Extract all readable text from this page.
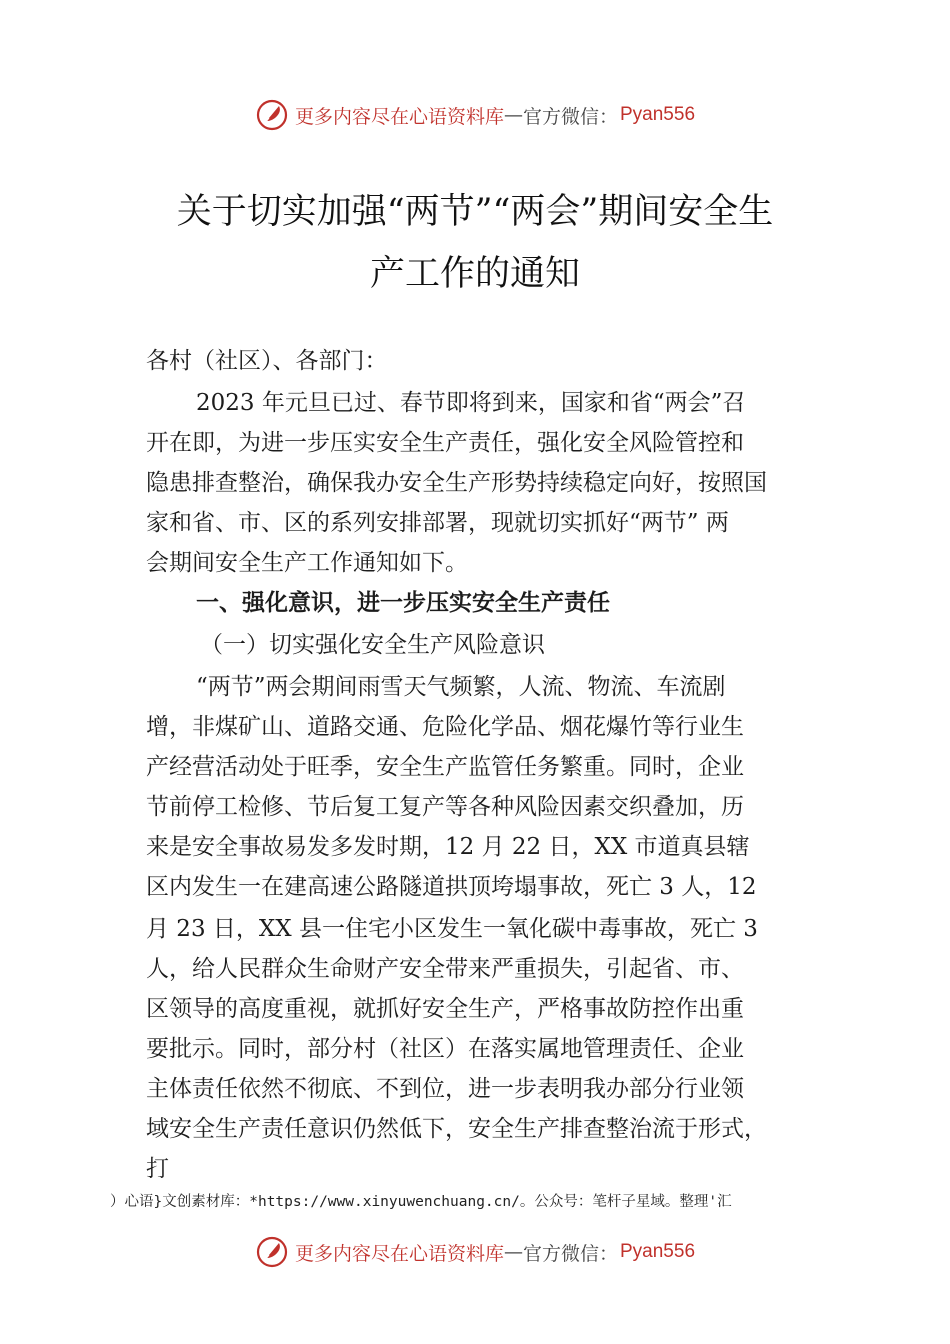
更多内容尽在心语资料库 — 官方微信： Pyan556
关于切实加强“两节”“两会”期间安全生
产工作的通知
各村（社区）、各部门：
2023 年元旦已过、春节即将到来，国家和省“两会”召
开在即，为进一步压实安全生产责任，强化安全风险管控和
隐患排查整治，确保我办安全生产形势持续稳定向好，按照国
家和省、市、区的系列安排部署，现就切实抓好“两节” 两
会期间安全生产工作通知如下。
一、强化意识，进一步压实安全生产责任
（一）切实强化安全生产风险意识
“两节”两会期间雨雪天气频繁，人流、物流、车流剧
增，非煤矿山、道路交通、危险化学品、烟花爆竹等行业生
产经营活动处于旺季，安全生产监管任务繁重。同时，企业
节前停工检修、节后复工复产等各种风险因素交织叠加，历
来是安全事故易发多发时期，12 月 22 日，XX 市道真县辖
区内发生一在建高速公路隧道拱顶垮塌事故，死亡 3 人，12
月 23 日，XX 县一住宅小区发生一氧化碳中毒事故，死亡 3
人，给人民群众生命财产安全带来严重损失，引起省、市、
区领导的高度重视，就抓好安全生产，严格事故防控作出重
要批示。同时，部分村（社区）在落实属地管理责任、企业
主体责任依然不彻底、不到位，进一步表明我办部分行业领
域安全生产责任意识仍然低下，安全生产排查整治流于形式，
打
）心语}文创素材库：*https://www.xinyuwenchuang.cn/。公众号：笔杆子星域。整理'汇
更多内容尽在心语资料库 — 官方微信： Pyan556
